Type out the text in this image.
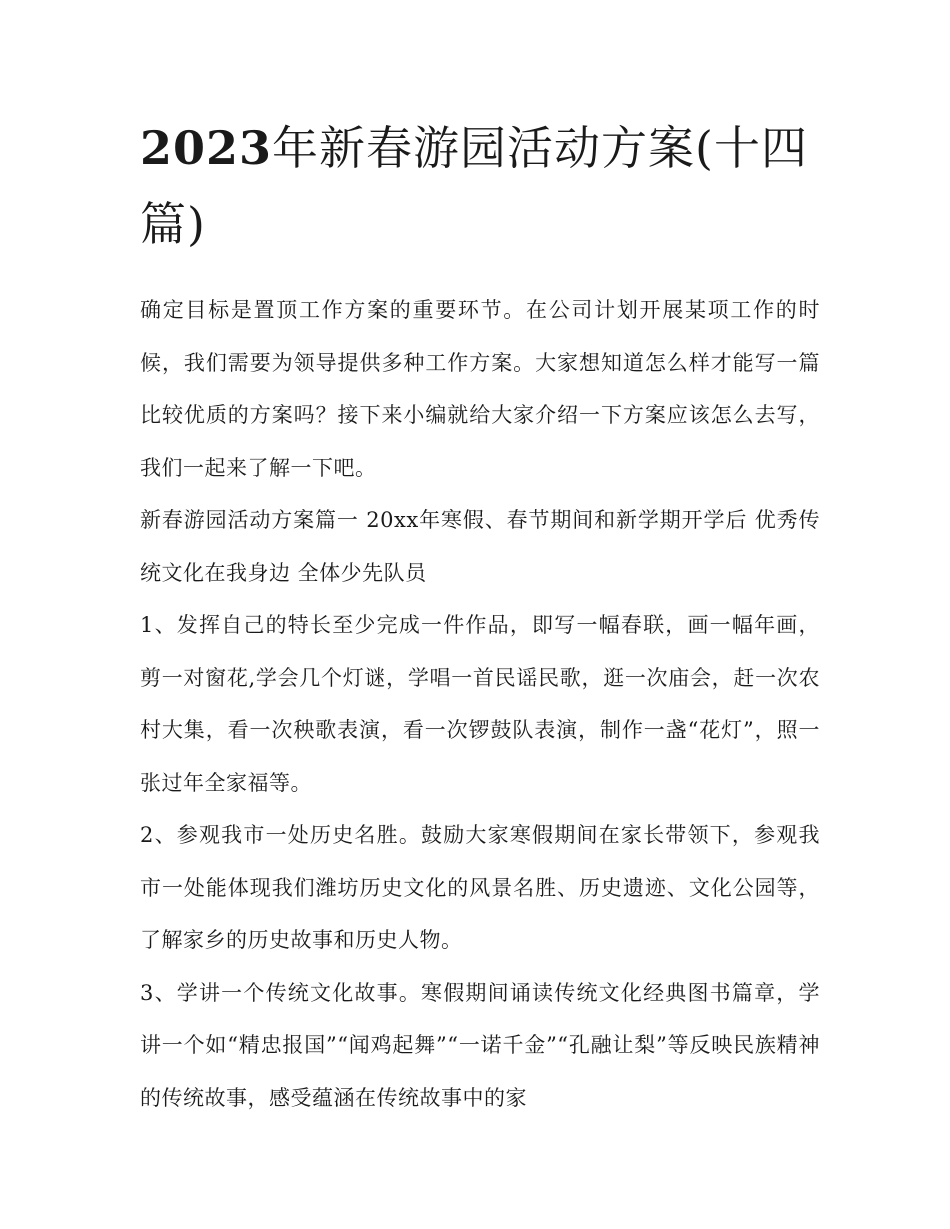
2023年新春游园活动方案(十四篇)

确定目标是置顶工作方案的重要环节。在公司计划开展某项工作的时候，我们需要为领导提供多种工作方案。大家想知道怎么样才能写一篇比较优质的方案吗？接下来小编就给大家介绍一下方案应该怎么去写，我们一起来了解一下吧。

新春游园活动方案篇一 20xx年寒假、春节期间和新学期开学后 优秀传统文化在我身边 全体少先队员

1、发挥自己的特长至少完成一件作品，即写一幅春联，画一幅年画，剪一对窗花,学会几个灯谜，学唱一首民谣民歌，逛一次庙会，赶一次农村大集，看一次秧歌表演，看一次锣鼓队表演，制作一盏“花灯”，照一张过年全家福等。

2、参观我市一处历史名胜。鼓励大家寒假期间在家长带领下，参观我市一处能体现我们潍坊历史文化的风景名胜、历史遗迹、文化公园等，了解家乡的历史故事和历史人物。

3、学讲一个传统文化故事。寒假期间诵读传统文化经典图书篇章，学讲一个如“精忠报国”“闻鸡起舞”“一诺千金”“孔融让梨”等反映民族精神的传统故事，感受蕴涵在传统故事中的家
